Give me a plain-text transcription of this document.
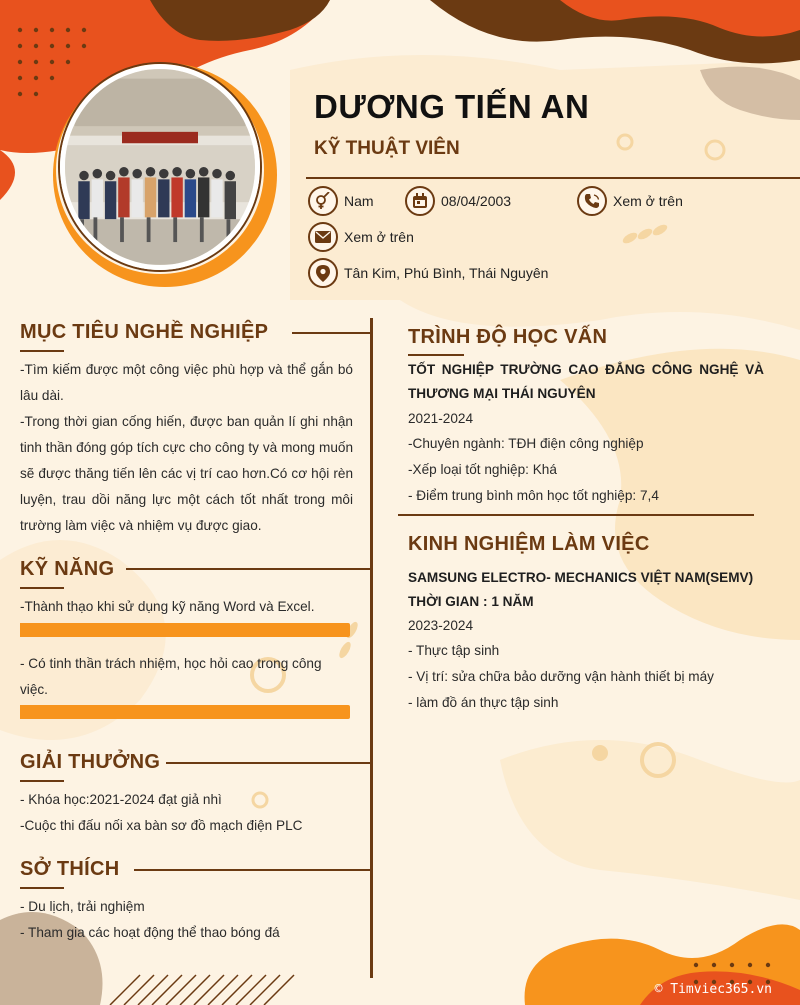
DƯƠNG TIẾN AN
KỸ THUẬT VIÊN
Nam	08/04/2003	Xem ở trên
Xem ở trên
Tân Kim, Phú Bình, Thái Nguyên
MỤC TIÊU NGHỀ NGHIỆP
-Tìm kiếm được một công việc phù hợp và thể gắn bó lâu dài.
-Trong thời gian cống hiến, được ban quản lí ghi nhận tinh thần đóng góp tích cực cho công ty và mong muốn sẽ được thăng tiến lên các vị trí cao hơn.Có cơ hội rèn luyện, trau dồi năng lực một cách tốt nhất trong môi trường làm việc và nhiệm vụ được giao.
KỸ NĂNG
-Thành thạo khi sử dụng kỹ năng Word và Excel.
- Có tinh thần trách nhiệm, học hỏi cao trong công việc.
GIẢI THƯỞNG
- Khóa học:2021-2024 đạt giả nhì
-Cuộc thi đấu nối xa bàn sơ đồ mạch điện PLC
SỞ THÍCH
- Du lịch, trải nghiệm
- Tham gia các hoạt động thể thao bóng đá
TRÌNH ĐỘ HỌC VẤN
TỐT NGHIỆP TRƯỜNG CAO ĐẲNG CÔNG NGHỆ VÀ THƯƠNG MẠI THÁI NGUYÊN
2021-2024
-Chuyên ngành: TĐH điện công nghiệp
-Xếp loại tốt nghiệp: Khá
- Điểm trung bình môn học tốt nghiệp: 7,4
KINH NGHIỆM LÀM VIỆC
SAMSUNG ELECTRO- MECHANICS VIỆT NAM(SEMV)
THỜI GIAN : 1 NĂM
2023-2024
- Thực tập sinh
- Vị trí: sửa chữa bảo dưỡng vận hành thiết bị máy
- làm đồ án thực tập sinh
© Timviec365.vn
